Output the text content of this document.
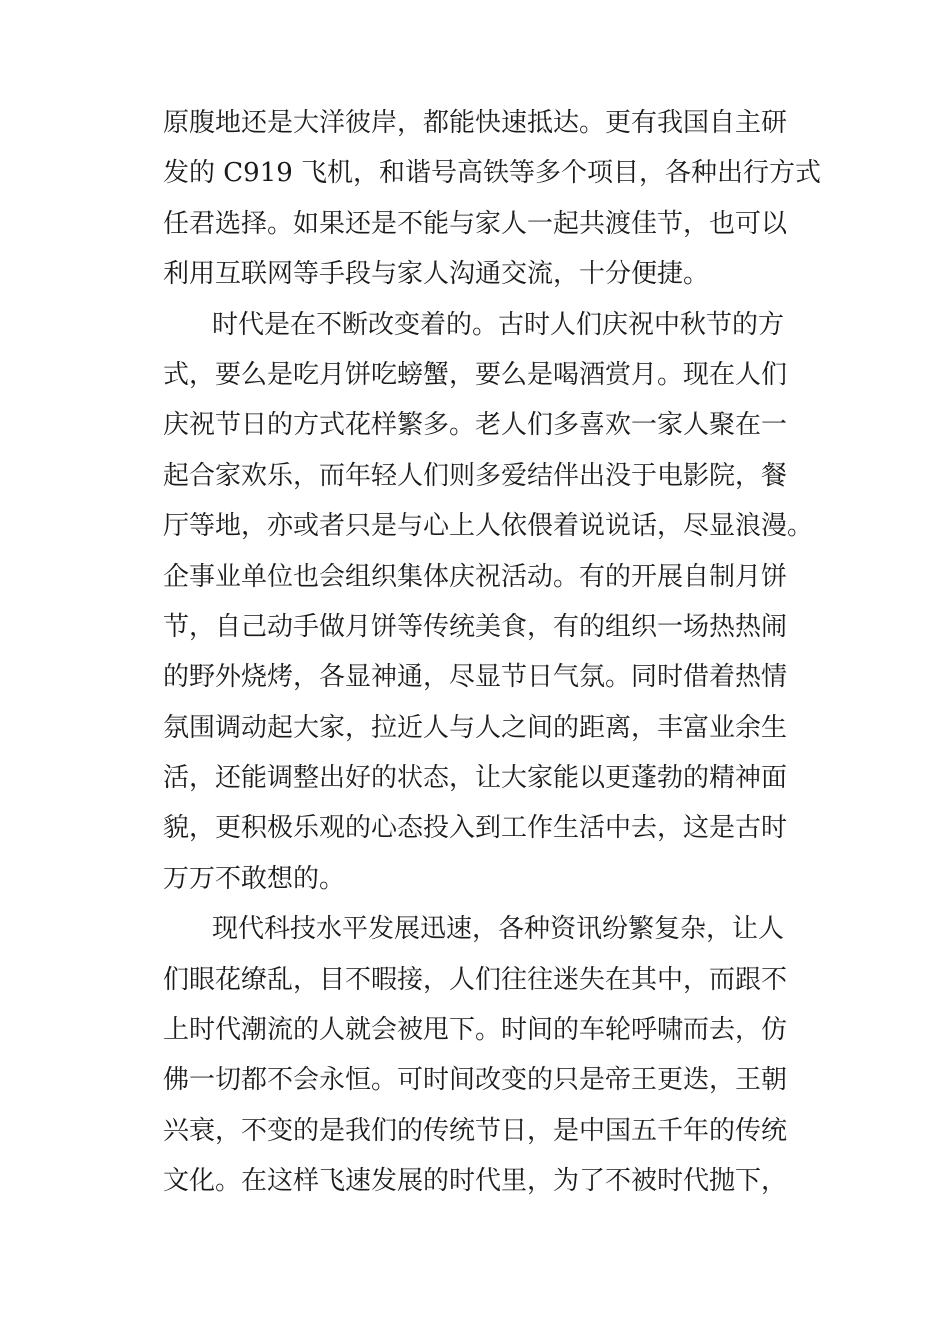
原腹地还是大洋彼岸，都能快速抵达。更有我国自主研
发的 C919 飞机，和谐号高铁等多个项目，各种出行方式
任君选择。如果还是不能与家人一起共渡佳节，也可以
利用互联网等手段与家人沟通交流，十分便捷。
时代是在不断改变着的。古时人们庆祝中秋节的方
式，要么是吃月饼吃螃蟹，要么是喝酒赏月。现在人们
庆祝节日的方式花样繁多。老人们多喜欢一家人聚在一
起合家欢乐，而年轻人们则多爱结伴出没于电影院，餐
厅等地，亦或者只是与心上人依偎着说说话，尽显浪漫。
企事业单位也会组织集体庆祝活动。有的开展自制月饼
节，自己动手做月饼等传统美食，有的组织一场热热闹
的野外烧烤，各显神通，尽显节日气氛。同时借着热情
氛围调动起大家，拉近人与人之间的距离，丰富业余生
活，还能调整出好的状态，让大家能以更蓬勃的精神面
貌，更积极乐观的心态投入到工作生活中去，这是古时
万万不敢想的。
现代科技水平发展迅速，各种资讯纷繁复杂，让人
们眼花缭乱，目不暇接，人们往往迷失在其中，而跟不
上时代潮流的人就会被甩下。时间的车轮呼啸而去，仿
佛一切都不会永恒。可时间改变的只是帝王更迭，王朝
兴衰，不变的是我们的传统节日，是中国五千年的传统
文化。在这样飞速发展的时代里，为了不被时代抛下，
